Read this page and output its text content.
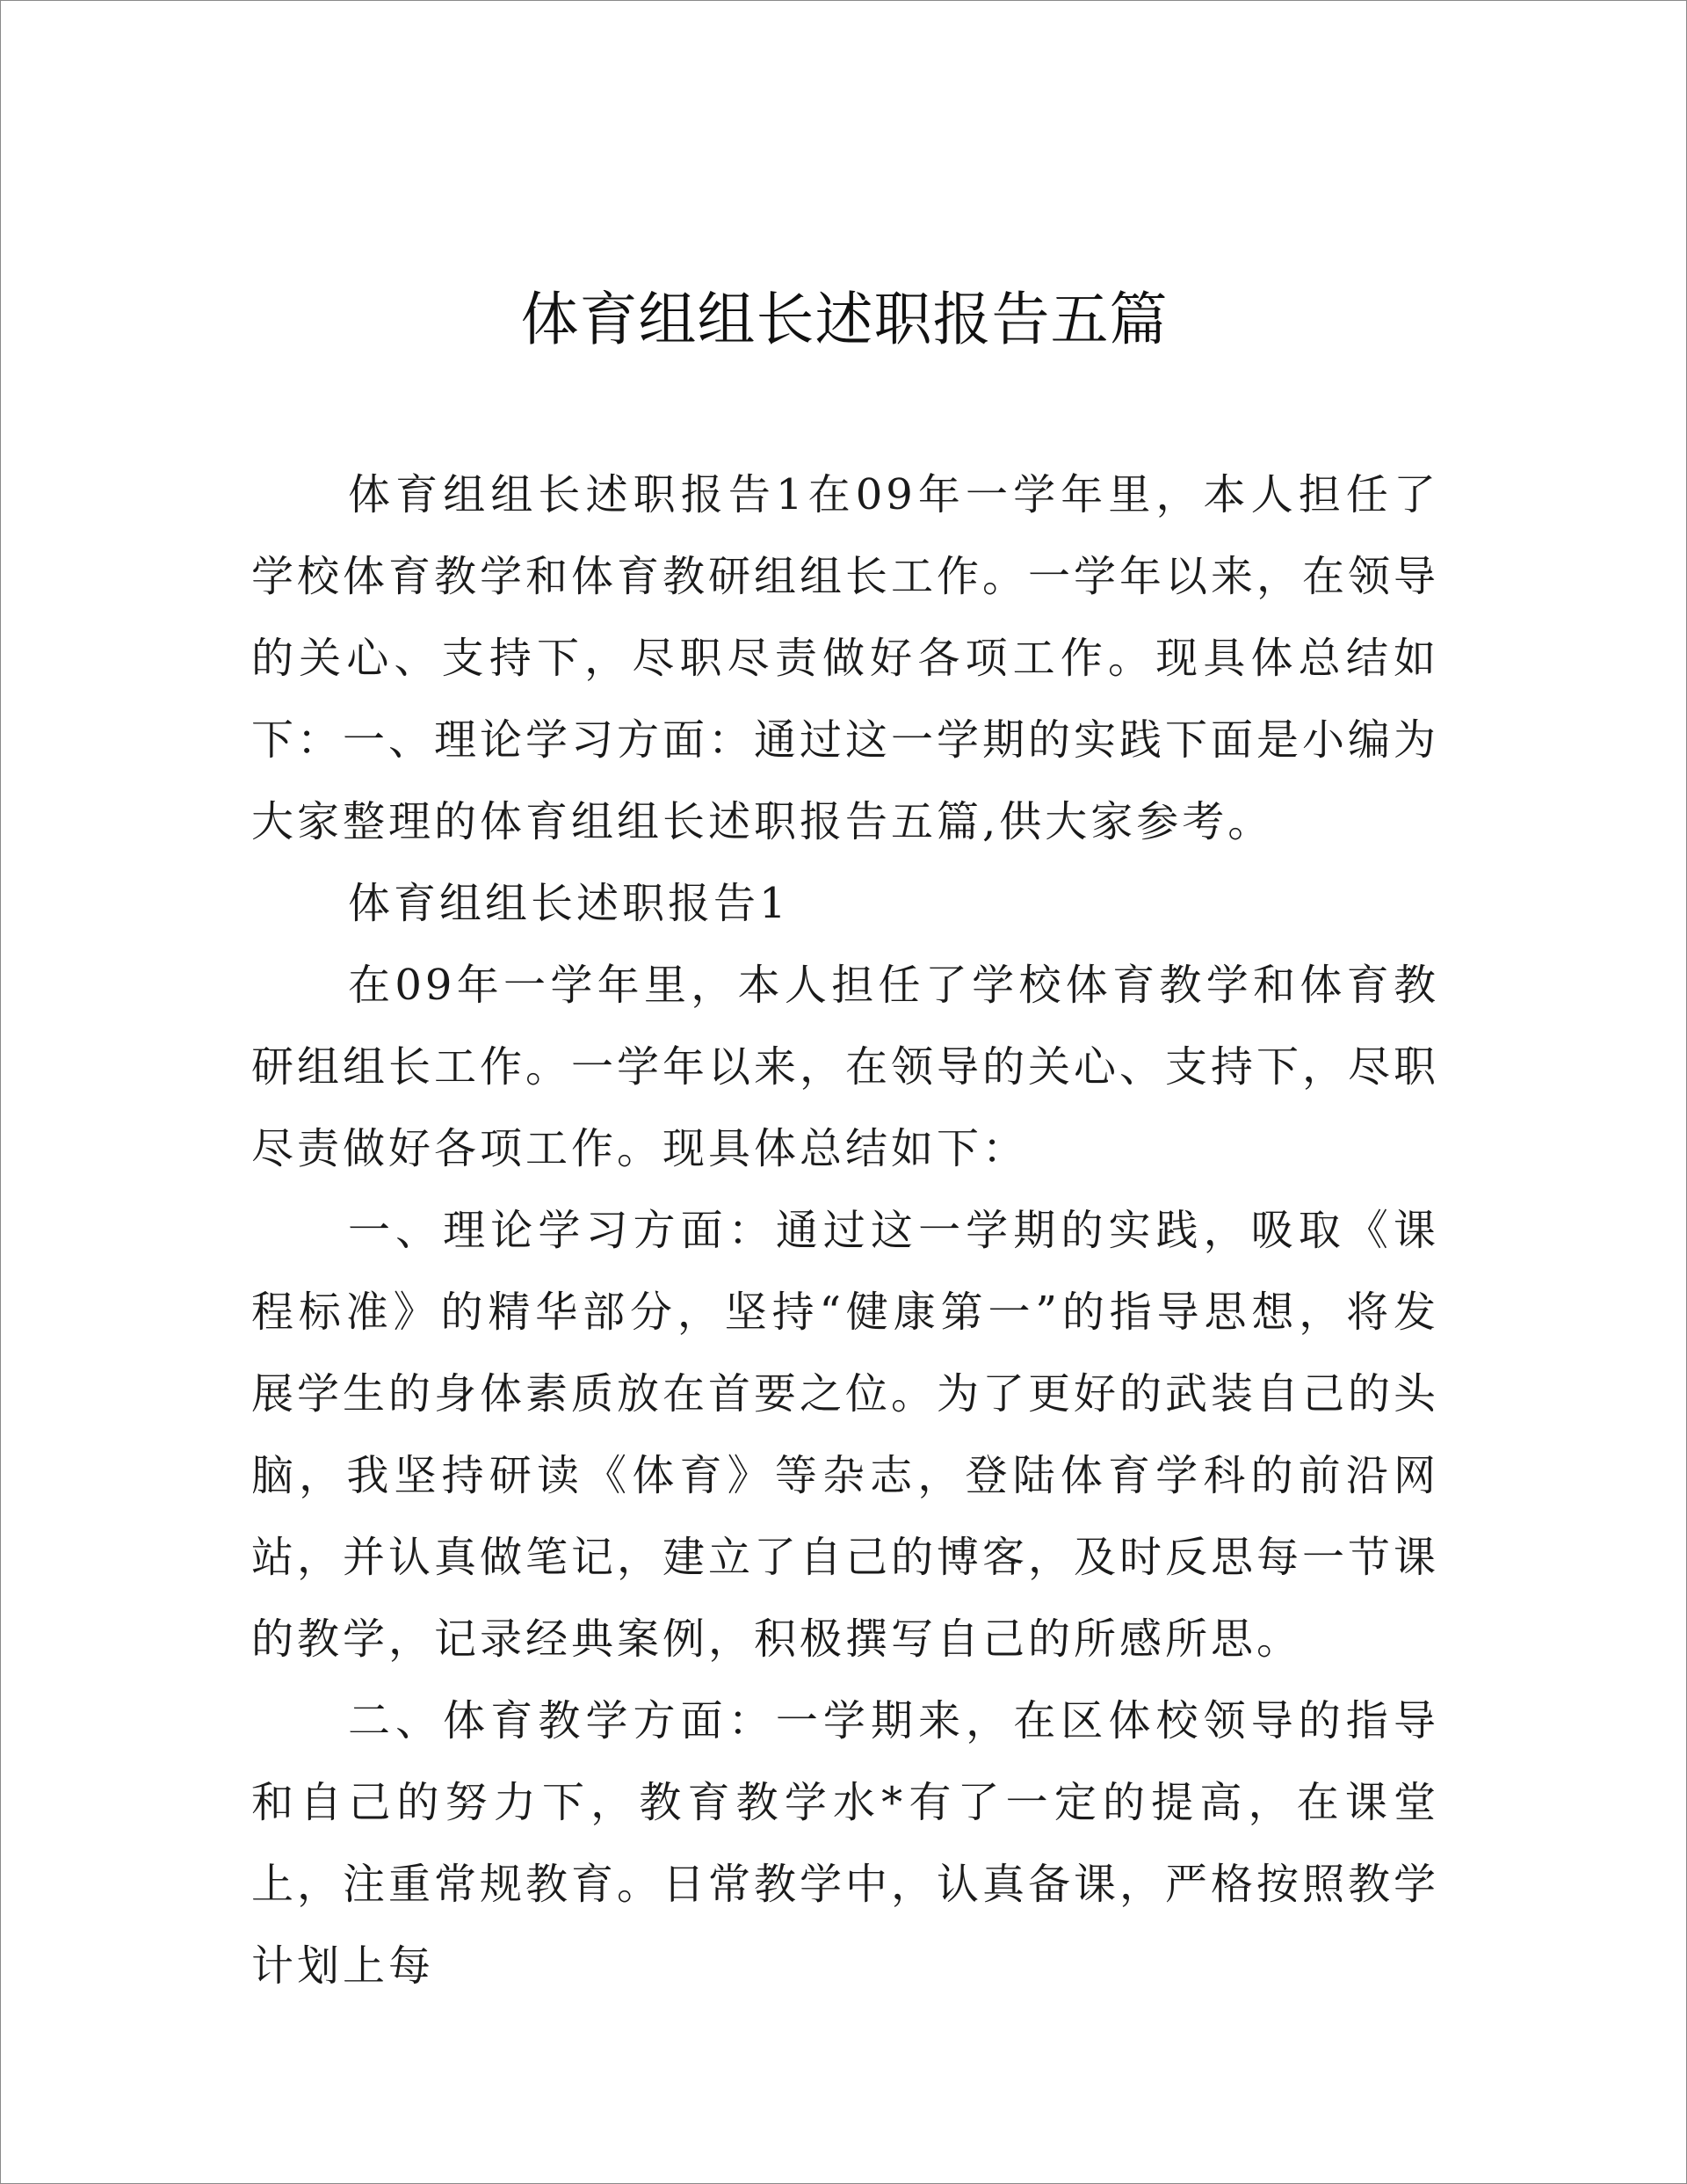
体育组组长述职报告五篇

体育组组长述职报告1在09年一学年里，本人担任了学校体育教学和体育教研组组长工作。一学年以来，在领导的关心、支持下，尽职尽责做好各项工作。现具体总结如下：一、理论学习方面：通过这一学期的实践下面是小编为大家整理的体育组组长述职报告五篇,供大家参考。

体育组组长述职报告1

在09年一学年里，本人担任了学校体育教学和体育教研组组长工作。一学年以来，在领导的关心、支持下，尽职尽责做好各项工作。现具体总结如下：

一、理论学习方面：通过这一学期的实践，吸取《课程标准》的精华部分，坚持“健康第一”的指导思想，将发展学生的身体素质放在首要之位。为了更好的武装自己的头脑，我坚持研读《体育》等杂志，登陆体育学科的前沿网站，并认真做笔记，建立了自己的博客，及时反思每一节课的教学，记录经典案例，积极撰写自己的所感所思。

二、体育教学方面：一学期来，在区体校领导的指导和自己的努力下，教育教学水*有了一定的提高，在课堂上，注重常规教育。日常教学中，认真备课，严格按照教学计划上每
